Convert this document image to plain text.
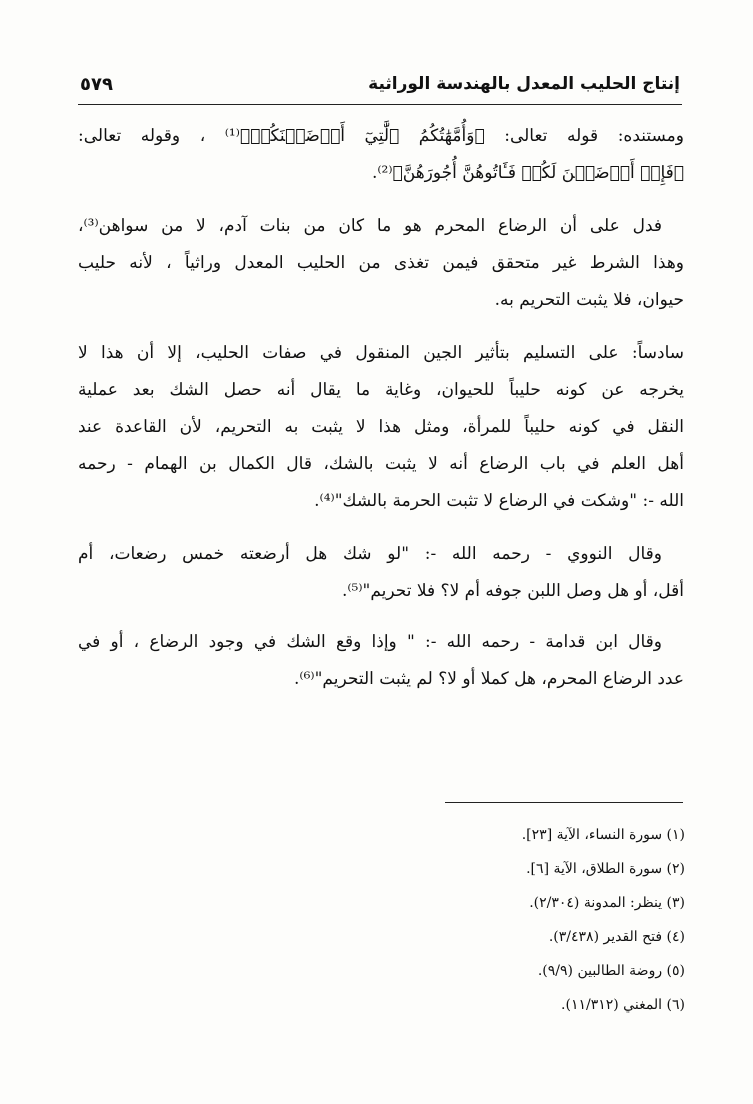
إنتاج الحليب المعدل بالهندسة الوراثية
٥٧٩

ومستنده: قوله تعالى: ﴿وَأُمَّهَٰتُكُمُ ٱلَّٰتِيٓ أَرۡضَعۡنَكُمۡ﴾⁽¹⁾ ، وقوله تعالى:
﴿فَإِنۡ أَرۡضَعۡنَ لَكُمۡ فَـَٔاتُوهُنَّ أُجُورَهُنَّ﴾⁽²⁾.

فدل على أن الرضاع المحرم هو ما كان من بنات آدم، لا من سواهن⁽³⁾،
وهذا الشرط غير متحقق فيمن تغذى من الحليب المعدل وراثياً ، لأنه حليب
حيوان، فلا يثبت التحريم به.

سادساً: على التسليم بتأثير الجين المنقول في صفات الحليب، إلا أن هذا لا
يخرجه عن كونه حليباً للحيوان، وغاية ما يقال أنه حصل الشك بعد عملية
النقل في كونه حليباً للمرأة، ومثل هذا لا يثبت به التحريم، لأن القاعدة عند
أهل العلم في باب الرضاع أنه لا يثبت بالشك، قال الكمال بن الهمام - رحمه
الله -: "وشكت في الرضاع لا تثبت الحرمة بالشك"⁽⁴⁾.

وقال النووي - رحمه الله -: "لو شك هل أرضعته خمس رضعات، أم
أقل، أو هل وصل اللبن جوفه أم لا؟ فلا تحريم"⁽⁵⁾.

وقال ابن قدامة - رحمه الله -: " وإذا وقع الشك في وجود الرضاع ، أو في
عدد الرضاع المحرم، هل كملا أو لا؟ لم يثبت التحريم"⁽⁶⁾.

(١) سورة النساء، الآية [٢٣].
(٢) سورة الطلاق، الآية [٦].
(٣) ينظر: المدونة (٢/٣٠٤).
(٤) فتح القدير (٣/٤٣٨).
(٥) روضة الطالبين (٩/٩).
(٦) المغني (١١/٣١٢).
